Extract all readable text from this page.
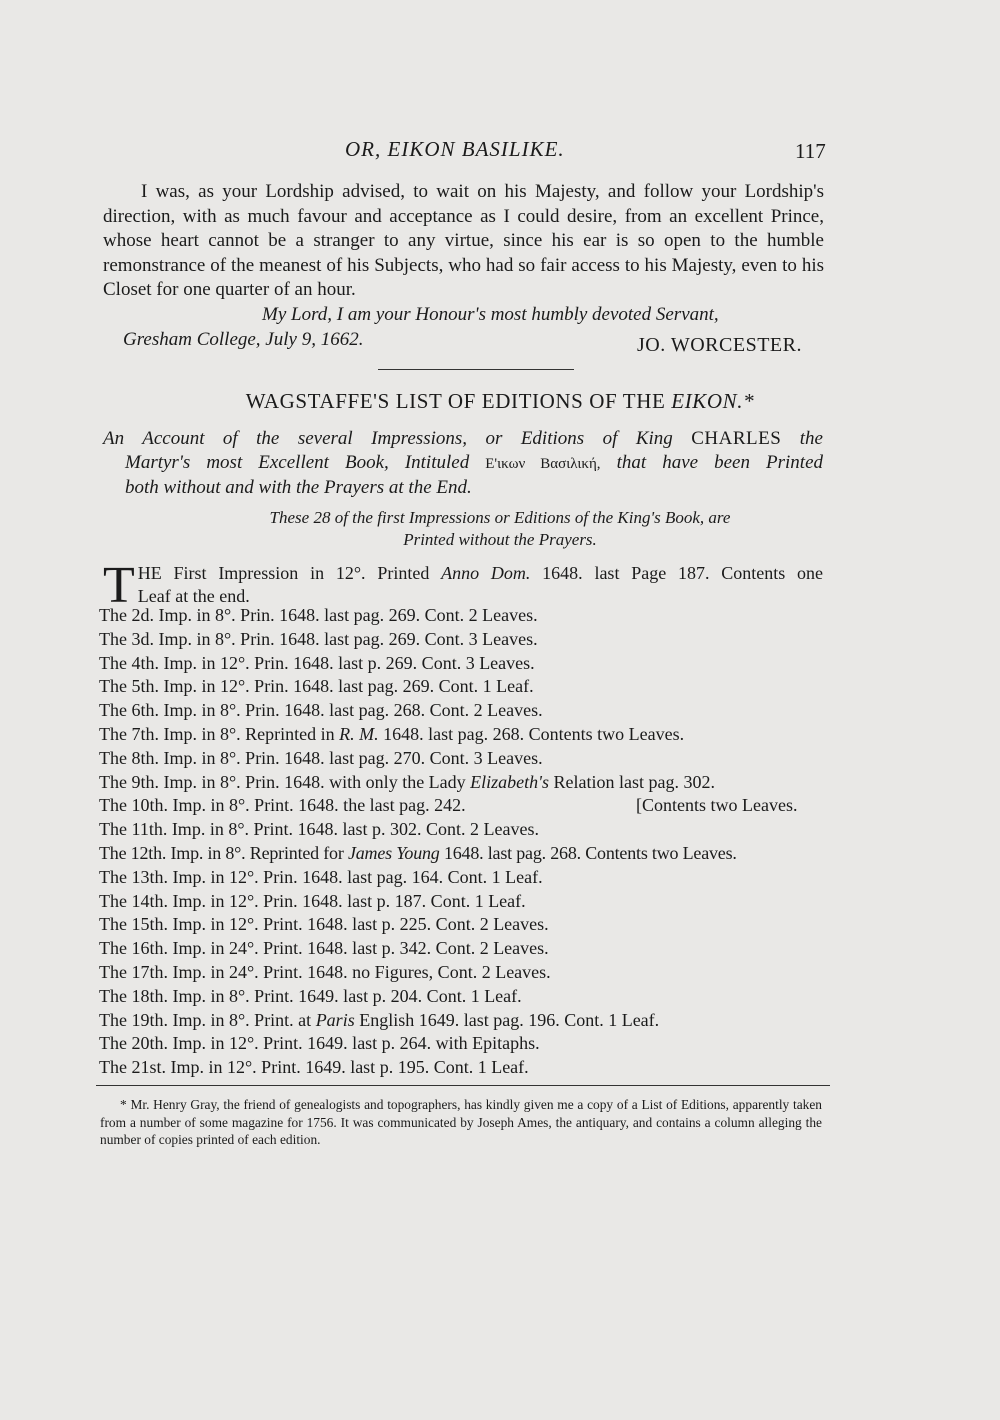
OR, EIKON BASILIKE.	117
I was, as your Lordship advised, to wait on his Majesty, and follow your Lordship's direction, with as much favour and acceptance as I could desire, from an excellent Prince, whose heart cannot be a stranger to any virtue, since his ear is so open to the humble remonstrance of the meanest of his Subjects, who had so fair access to his Majesty, even to his Closet for one quarter of an hour.
My Lord, I am your Honour's most humbly devoted Servant,
Gresham College, July 9, 1662.	JO. WORCESTER.
WAGSTAFFE'S LIST OF EDITIONS OF THE EIKON.*
An Account of the several Impressions, or Editions of King CHARLES the
Martyr's most Excellent Book, Intituled Ε'ικων Βασιλική, that have been Printed
both without and with the Prayers at the End.
These 28 of the first Impressions or Editions of the King's Book, are
Printed without the Prayers.
T HE First Impression in 12°. Printed Anno Dom. 1648. last Page 187. Contents one
Leaf at the end.
The 2d. Imp. in 8°. Prin. 1648. last pag. 269. Cont. 2 Leaves.
The 3d. Imp. in 8°. Prin. 1648. last pag. 269. Cont. 3 Leaves.
The 4th. Imp. in 12°. Prin. 1648. last p. 269. Cont. 3 Leaves.
The 5th. Imp. in 12°. Prin. 1648. last pag. 269. Cont. 1 Leaf.
The 6th. Imp. in 8°. Prin. 1648. last pag. 268. Cont. 2 Leaves.
The 7th. Imp. in 8°. Reprinted in R. M. 1648. last pag. 268. Contents two Leaves.
The 8th. Imp. in 8°. Prin. 1648. last pag. 270. Cont. 3 Leaves.
The 9th. Imp. in 8°. Prin. 1648. with only the Lady Elizabeth's Relation last pag. 302.
The 10th. Imp. in 8°. Print. 1648. the last pag. 242.	[Contents two Leaves.
The 11th. Imp. in 8°. Print. 1648. last p. 302. Cont. 2 Leaves.
The 12th. Imp. in 8°. Reprinted for James Young 1648. last pag. 268. Contents two Leaves.
The 13th. Imp. in 12°. Prin. 1648. last pag. 164. Cont. 1 Leaf.
The 14th. Imp. in 12°. Prin. 1648. last p. 187. Cont. 1 Leaf.
The 15th. Imp. in 12°. Print. 1648. last p. 225. Cont. 2 Leaves.
The 16th. Imp. in 24°. Print. 1648. last p. 342. Cont. 2 Leaves.
The 17th. Imp. in 24°. Print. 1648. no Figures, Cont. 2 Leaves.
The 18th. Imp. in 8°. Print. 1649. last p. 204. Cont. 1 Leaf.
The 19th. Imp. in 8°. Print. at Paris English 1649. last pag. 196. Cont. 1 Leaf.
The 20th. Imp. in 12°. Print. 1649. last p. 264. with Epitaphs.
The 21st. Imp. in 12°. Print. 1649. last p. 195. Cont. 1 Leaf.
* Mr. Henry Gray, the friend of genealogists and topographers, has kindly given me a copy of a List of Editions, apparently taken from a number of some magazine for 1756. It was communicated by Joseph Ames, the antiquary, and contains a column alleging the number of copies printed of each edition.
